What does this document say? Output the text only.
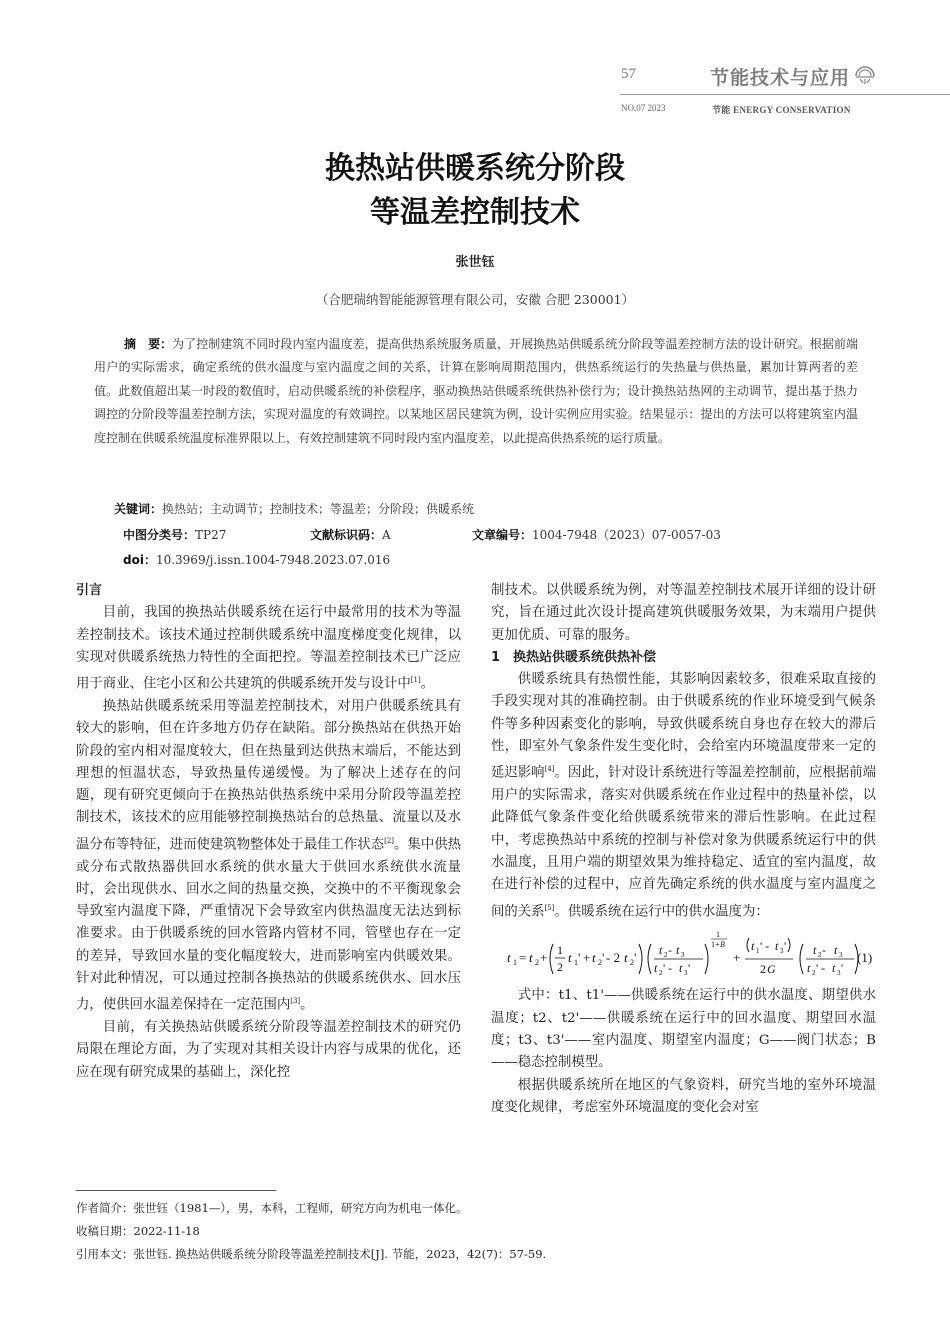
57	节能技术与应用
NO.07 2023	节能 ENERGY CONSERVATION
换热站供暖系统分阶段
等温差控制技术
张世钰
（合肥瑞纳智能能源管理有限公司，安徽 合肥 230001）
摘　要：为了控制建筑不同时段内室内温度差，提高供热系统服务质量，开展换热站供暖系统分阶段等温差控制方法的设计研究。根据前端用户的实际需求，确定系统的供水温度与室内温度之间的关系，计算在影响周期范围内，供热系统运行的失热量与供热量，累加计算两者的差值。此数值超出某一时段的数值时，启动供暖系统的补偿程序，驱动换热站供暖系统供热补偿行为；设计换热站热网的主动调节，提出基于热力调控的分阶段等温差控制方法，实现对温度的有效调控。以某地区居民建筑为例，设计实例应用实验。结果显示：提出的方法可以将建筑室内温度控制在供暖系统温度标准界限以上，有效控制建筑不同时段内室内温度差，以此提高供热系统的运行质量。
关键词：换热站；主动调节；控制技术；等温差；分阶段；供暖系统
中图分类号：TP27	文献标识码：A	文章编号：1004-7948（2023）07-0057-03
doi：10.3969/j.issn.1004-7948.2023.07.016

引言

目前，我国的换热站供暖系统在运行中最常用的技术为等温差控制技术。该技术通过控制供暖系统中温度梯度变化规律，以实现对供暖系统热力特性的全面把控。等温差控制技术已广泛应用于商业、住宅小区和公共建筑的供暖系统开发与设计中[1]。

换热站供暖系统采用等温差控制技术，对用户供暖系统具有较大的影响，但在许多地方仍存在缺陷。部分换热站在供热开始阶段的室内相对湿度较大，但在热量到达供热末端后，不能达到理想的恒温状态，导致热量传递缓慢。为了解决上述存在的问题，现有研究更倾向于在换热站供热系统中采用分阶段等温差控制技术，该技术的应用能够控制换热站台的总热量、流量以及水温分布等特征，进而使建筑物整体处于最佳工作状态[2]。集中供热或分布式散热器供回水系统的供水量大于供回水系统供水流量时，会出现供水、回水之间的热量交换，交换中的不平衡现象会导致室内温度下降，严重情况下会导致室内供热温度无法达到标准要求。由于供暖系统的回水管路内管材不同，管壁也存在一定的差异，导致回水量的变化幅度较大，进而影响室内供暖效果。针对此种情况，可以通过控制各换热站的供暖系统供水、回水压力，使供回水温差保持在一定范围内[3]。

目前，有关换热站供暖系统分阶段等温差控制技术的研究仍局限在理论方面，为了实现对其相关设计内容与成果的优化，还应在现有研究成果的基础上，深化控

制技术。以供暖系统为例，对等温差控制技术展开详细的设计研究，旨在通过此次设计提高建筑供暖服务效果，为末端用户提供更加优质、可靠的服务。

1　换热站供暖系统供热补偿

供暖系统具有热惯性能，其影响因素较多，很难采取直接的手段实现对其的准确控制。由于供暖系统的作业环境受到气候条件等多种因素变化的影响，导致供暖系统自身也存在较大的滞后性，即室外气象条件发生变化时，会给室内环境温度带来一定的延迟影响[4]。因此，针对设计系统进行等温差控制前，应根据前端用户的实际需求，落实对供暖系统在作业过程中的热量补偿，以此降低气象条件变化给供暖系统带来的滞后性影响。在此过程中，考虑换热站中系统的控制与补偿对象为供暖系统运行中的供水温度，且用户端的期望效果为维持稳定、适宜的室内温度，故在进行补偿的过程中，应首先确定系统的供水温度与室内温度之间的关系[5]。供暖系统在运行中的供水温度为：

t 1 = t 2 + 1
2
t 1 ' + t 2 ' - 2 t 2 ' t 2 - t 3
t 2 ' - t 3 '
1
1+ B
+
t 1 ' - t 3 '
2 G
t 2 - t 3
t 2 ' - t 3 '
(1)

式中：t1、t1'——供暖系统在运行中的供水温度、期望供水温度；t2、t2'——供暖系统在运行中的回水温度、期望回水温度；t3、t3'——室内温度、期望室内温度；G——阀门状态；B——稳态控制模型。

根据供暖系统所在地区的气象资料，研究当地的室外环境温度变化规律，考虑室外环境温度的变化会对室

作者简介：张世钰（1981—），男，本科，工程师，研究方向为机电一体化。
收稿日期：2022-11-18
引用本文：张世钰. 换热站供暖系统分阶段等温差控制技术[J]. 节能，2023，42(7)：57-59.
